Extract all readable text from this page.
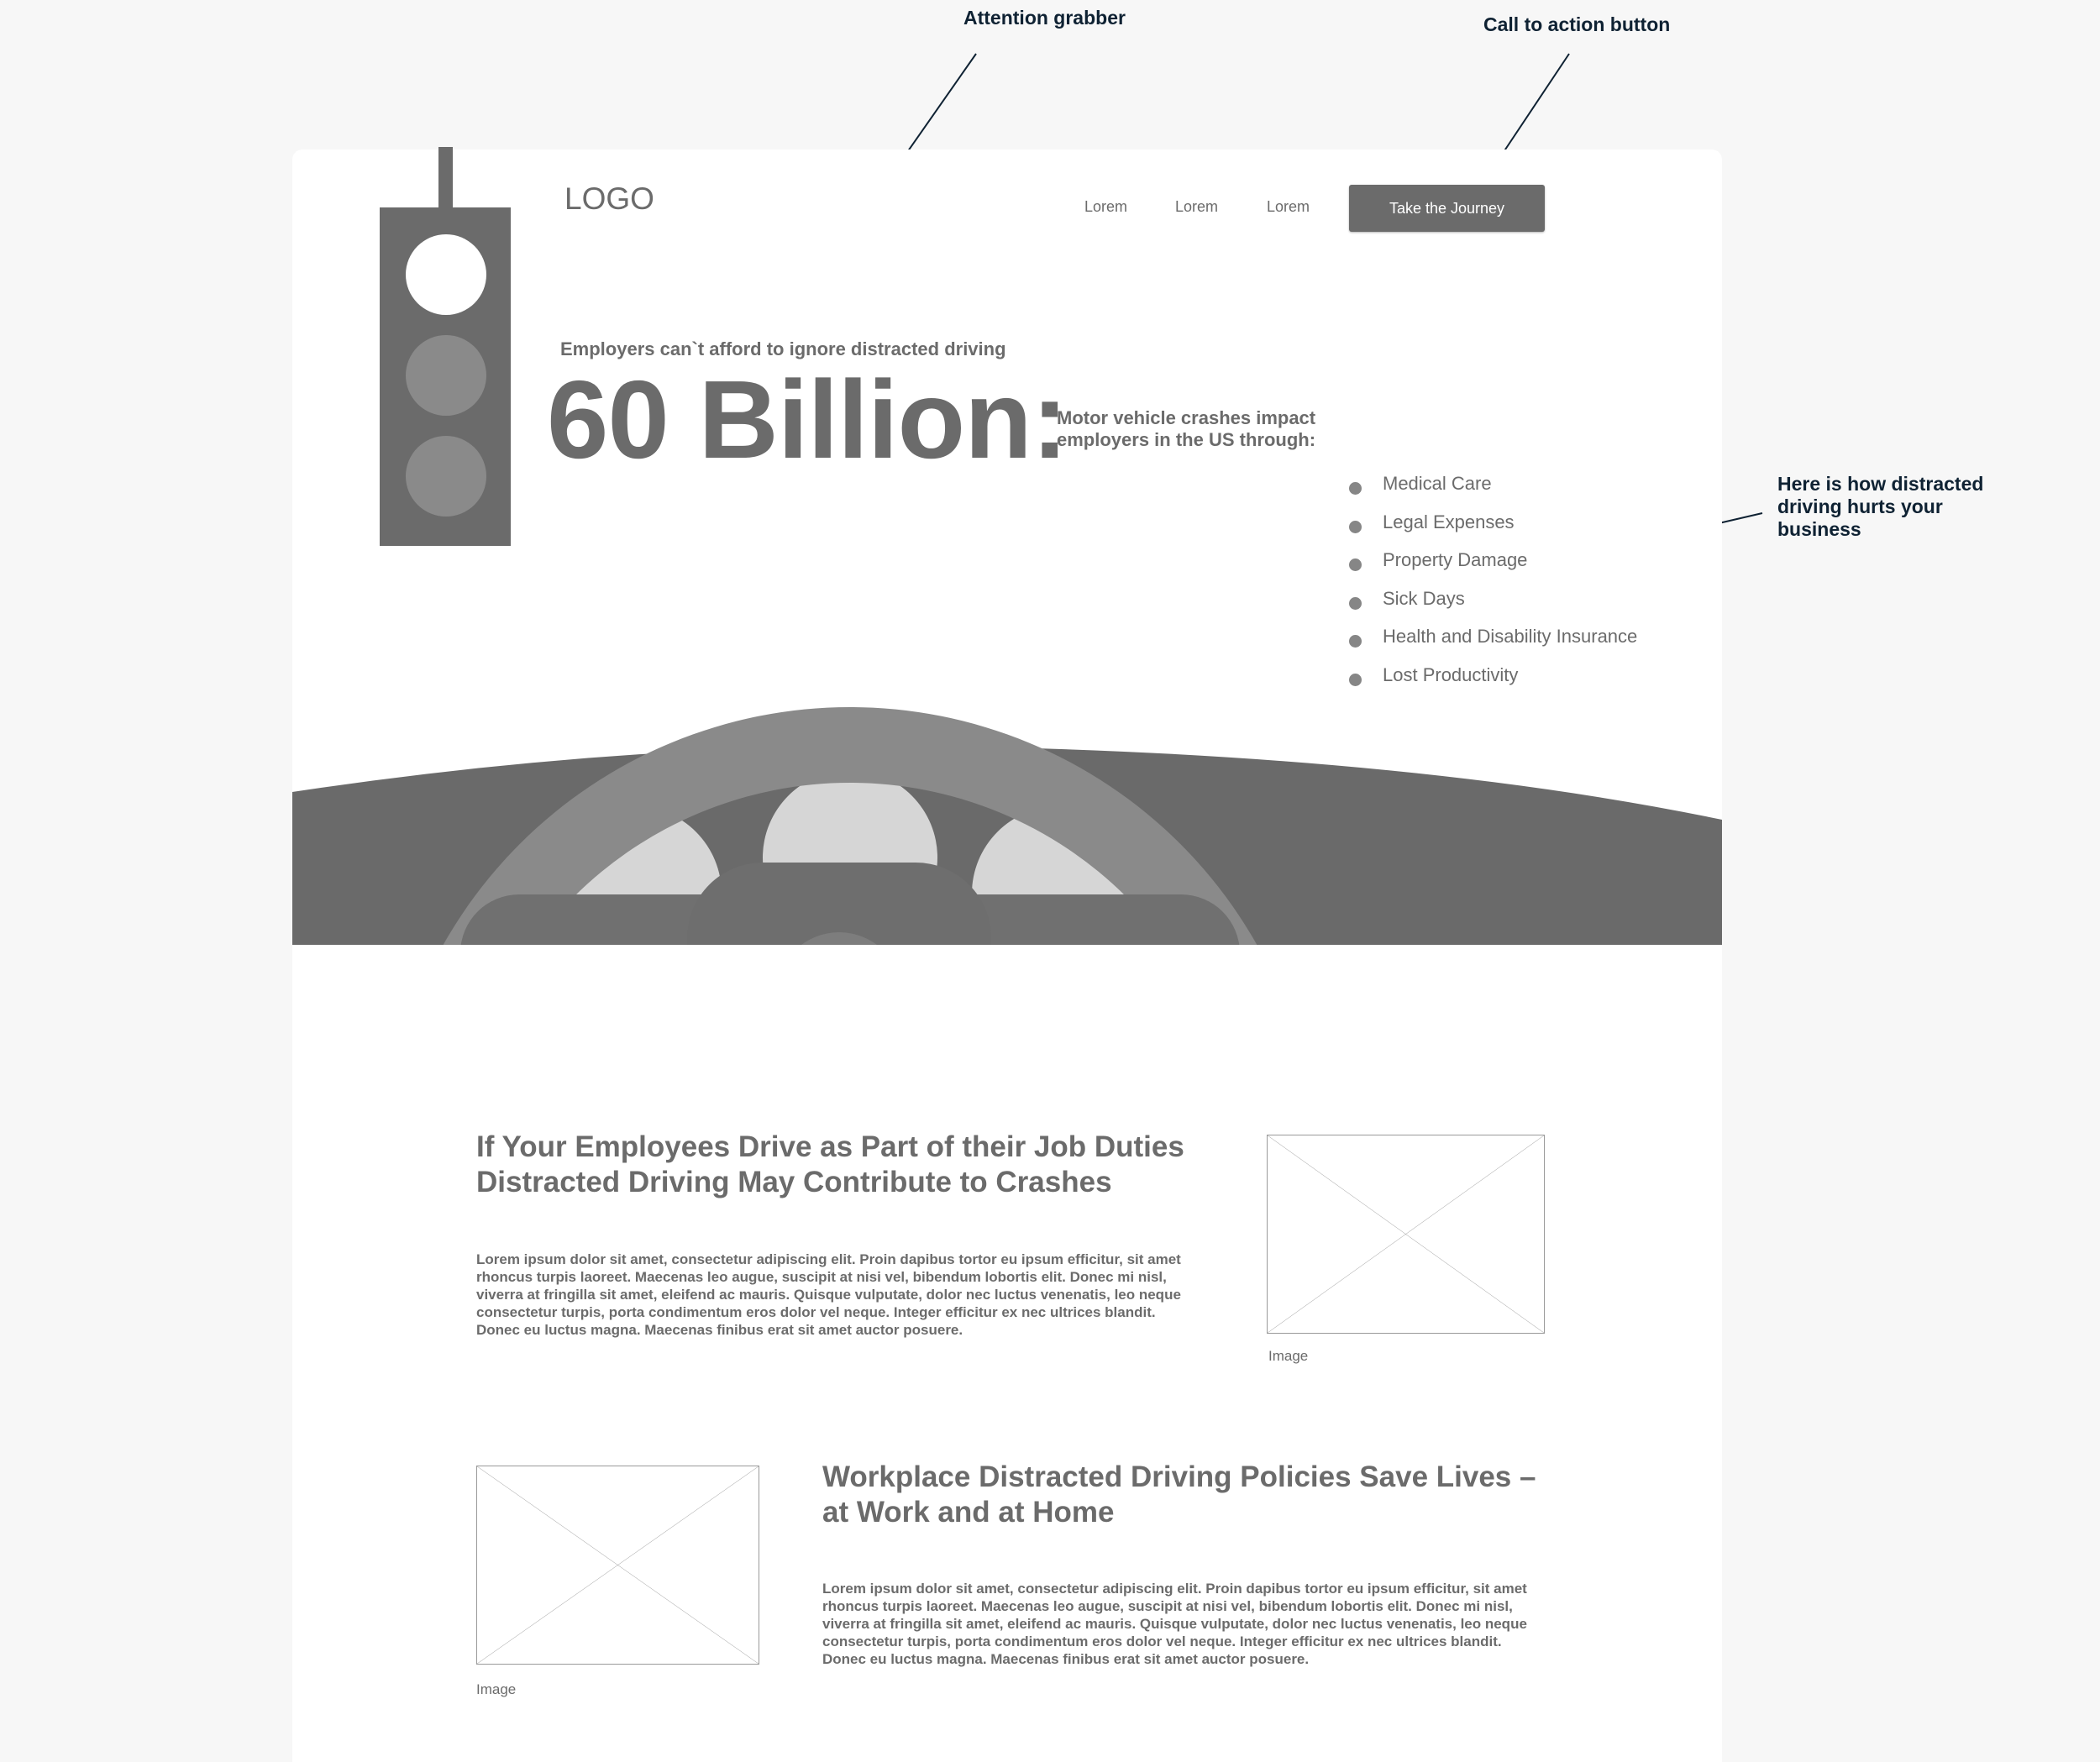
Attention grabber	Call to action button
Here is how distracted driving hurts your business
LOGO	Lorem	Lorem	Lorem	Take the Journey
Employers can`t afford to ignore distracted driving
60 Billion:
Motor vehicle crashes impact employers in the US through:
Medical Care
Legal Expenses
Property Damage
Sick Days
Health and Disability Insurance
Lost Productivity
If Your Employees Drive as Part of their Job Duties Distracted Driving May Contribute to Crashes
Lorem ipsum dolor sit amet, consectetur adipiscing elit. Proin dapibus tortor eu ipsum efficitur, sit amet rhoncus turpis laoreet. Maecenas leo augue, suscipit at nisi vel, bibendum lobortis elit. Donec mi nisl, viverra at fringilla sit amet, eleifend ac mauris. Quisque vulputate, dolor nec luctus venenatis, leo neque consectetur turpis, porta condimentum eros dolor vel neque. Integer efficitur ex nec ultrices blandit. Donec eu luctus magna. Maecenas finibus erat sit amet auctor posuere.
Image
Image
Workplace Distracted Driving Policies Save Lives – at Work and at Home
Lorem ipsum dolor sit amet, consectetur adipiscing elit. Proin dapibus tortor eu ipsum efficitur, sit amet rhoncus turpis laoreet. Maecenas leo augue, suscipit at nisi vel, bibendum lobortis elit. Donec mi nisl, viverra at fringilla sit amet, eleifend ac mauris. Quisque vulputate, dolor nec luctus venenatis, leo neque consectetur turpis, porta condimentum eros dolor vel neque. Integer efficitur ex nec ultrices blandit. Donec eu luctus magna. Maecenas finibus erat sit amet auctor posuere.
